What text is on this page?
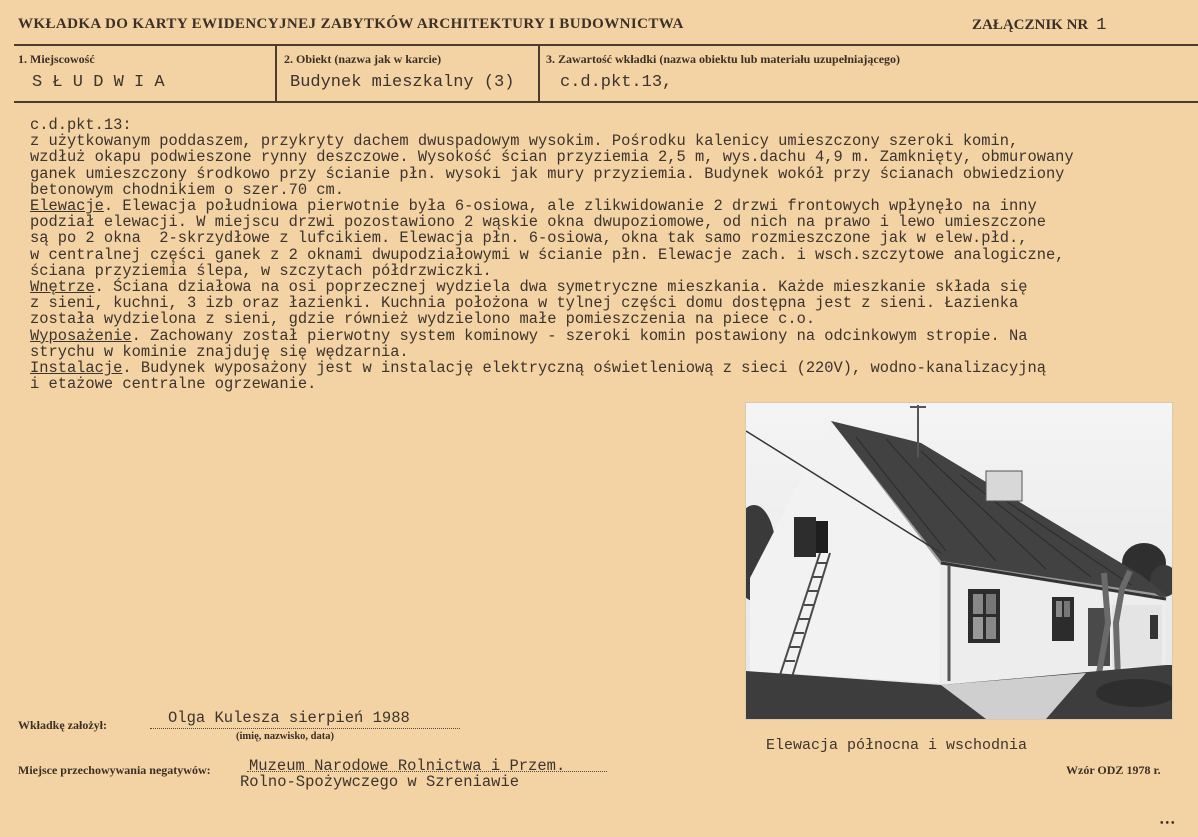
WKŁADKA DO KARTY EWIDENCYJNEJ ZABYTKÓW ARCHITEKTURY I BUDOWNICTWA	ZAŁĄCZNIK NR 1
1. Miejscowość
S Ł U D W I A
2. Obiekt (nazwa jak w karcie)
Budynek mieszkalny (3)
3. Zawartość wkładki (nazwa obiektu lub materiału uzupełniającego)
c.d.pkt.13,
c.d.pkt.13:
z użytkowanym poddaszem, przykryty dachem dwuspadowym wysokim. Pośrodku kalenicy umieszczony szeroki komin,
wzdłuż okapu podwieszone rynny deszczowe. Wysokość ścian przyziemia 2,5 m, wys.dachu 4,9 m. Zamknięty, obmurowany
ganek umieszczony środkowo przy ścianie płn. wysoki jak mury przyziemia. Budynek wokół przy ścianach obwiedziony
betonowym chodnikiem o szer.70 cm.
Elewacje. Elewacja południowa pierwotnie była 6-osiowa, ale zlikwidowanie 2 drzwi frontowych wpłynęło na inny
podział elewacji. W miejscu drzwi pozostawiono 2 wąskie okna dwupoziomowe, od nich na prawo i lewo umieszczone
są po 2 okna  2-skrzydłowe z lufcikiem. Elewacja płn. 6-osiowa, okna tak samo rozmieszczone jak w elew.płd.,
w centralnej części ganek z 2 oknami dwupodziałowymi w ścianie płn. Elewacje zach. i wsch.szczytowe analogiczne,
ściana przyziemia ślepa, w szczytach półdrzwiczki.
Wnętrze. Ściana działowa na osi poprzecznej wydziela dwa symetryczne mieszkania. Każde mieszkanie składa się
z sieni, kuchni, 3 izb oraz łazienki. Kuchnia położona w tylnej części domu dostępna jest z sieni. Łazienka
została wydzielona z sieni, gdzie również wydzielono małe pomieszczenia na piece c.o.
Wyposażenie. Zachowany został pierwotny system kominowy - szeroki komin postawiony na odcinkowym stropie. Na
strychu w kominie znajduję się wędzarnia.
Instalacje. Budynek wyposażony jest w instalację elektryczną oświetleniową z sieci (220V), wodno-kanalizacyjną
i etażowe centralne ogrzewanie.
Elewacja północna i wschodnia
Wkładkę założył:	Olga Kulesza sierpień 1988
(imię, nazwisko, data)
Miejsce przechowywania negatywów: Muzeum Narodowe Rolnictwa i Przem.
Rolno-Spożywczego w Szreniawie
Wzór ODZ 1978 r.
•••
